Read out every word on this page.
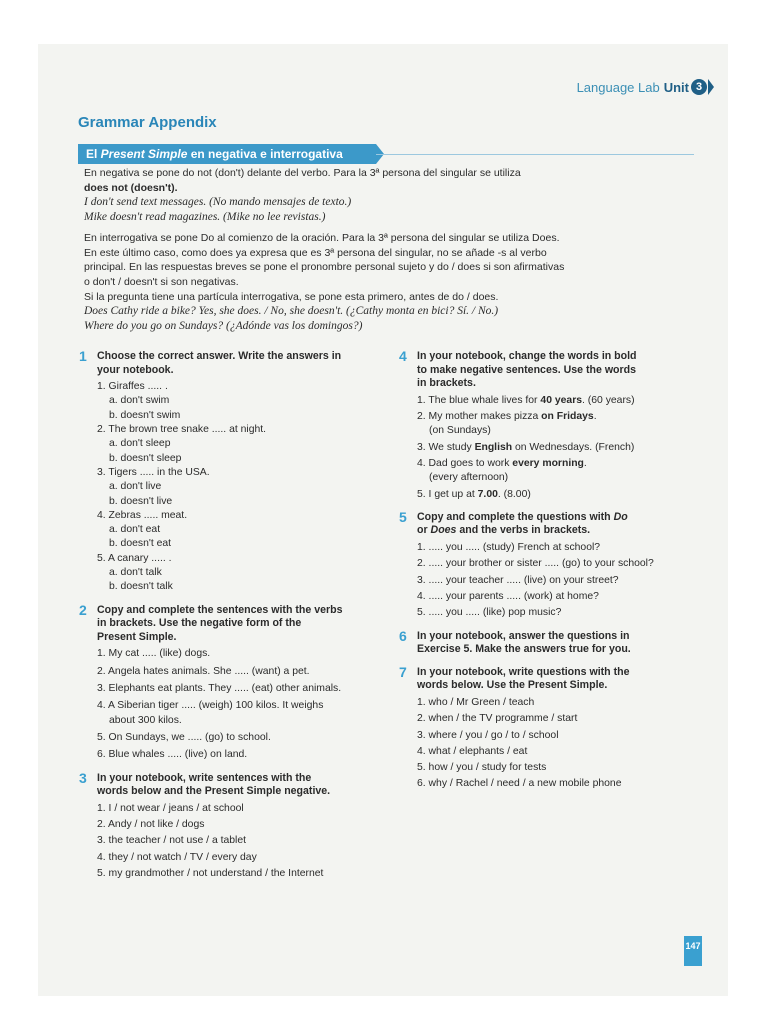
Language Lab Unit 3
Grammar Appendix
El Present Simple en negativa e interrogativa
En negativa se pone do not (don't) delante del verbo. Para la 3ª persona del singular se utiliza
does not (doesn't).
I don't send text messages. (No mando mensajes de texto.)
Mike doesn't read magazines. (Mike no lee revistas.)
En interrogativa se pone Do al comienzo de la oración. Para la 3ª persona del singular se utiliza Does.
En este último caso, como does ya expresa que es 3ª persona del singular, no se añade -s al verbo
principal. En las respuestas breves se pone el pronombre personal sujeto y do / does si son afirmativas
o don't / doesn't si son negativas.
Si la pregunta tiene una partícula interrogativa, se pone esta primero, antes de do / does.
Does Cathy ride a bike? Yes, she does. / No, she doesn't. (¿Cathy monta en bici? Sí. / No.)
Where do you go on Sundays? (¿Adónde vas los domingos?)
1 Choose the correct answer. Write the answers in
your notebook.
1. Giraffes ..... .
a. don't swim
b. doesn't swim
2. The brown tree snake ..... at night.
a. don't sleep
b. doesn't sleep
3. Tigers ..... in the USA.
a. don't live
b. doesn't live
4. Zebras ..... meat.
a. don't eat
b. doesn't eat
5. A canary ..... .
a. don't talk
b. doesn't talk
2 Copy and complete the sentences with the verbs
in brackets. Use the negative form of the
Present Simple.
1. My cat ..... (like) dogs.
2. Angela hates animals. She ..... (want) a pet.
3. Elephants eat plants. They ..... (eat) other animals.
4. A Siberian tiger ..... (weigh) 100 kilos. It weighs
about 300 kilos.
5. On Sundays, we ..... (go) to school.
6. Blue whales ..... (live) on land.
3 In your notebook, write sentences with the
words below and the Present Simple negative.
1. I / not wear / jeans / at school
2. Andy / not like / dogs
3. the teacher / not use / a tablet
4. they / not watch / TV / every day
5. my grandmother / not understand / the Internet
4 In your notebook, change the words in bold
to make negative sentences. Use the words
in brackets.
1. The blue whale lives for 40 years. (60 years)
2. My mother makes pizza on Fridays.
(on Sundays)
3. We study English on Wednesdays. (French)
4. Dad goes to work every morning.
(every afternoon)
5. I get up at 7.00. (8.00)
5 Copy and complete the questions with Do
or Does and the verbs in brackets.
1. ..... you ..... (study) French at school?
2. ..... your brother or sister ..... (go) to your school?
3. ..... your teacher ..... (live) on your street?
4. ..... your parents ..... (work) at home?
5. ..... you ..... (like) pop music?
6 In your notebook, answer the questions in
Exercise 5. Make the answers true for you.
7 In your notebook, write questions with the
words below. Use the Present Simple.
1. who / Mr Green / teach
2. when / the TV programme / start
3. where / you / go / to / school
4. what / elephants / eat
5. how / you / study for tests
6. why / Rachel / need / a new mobile phone
147
